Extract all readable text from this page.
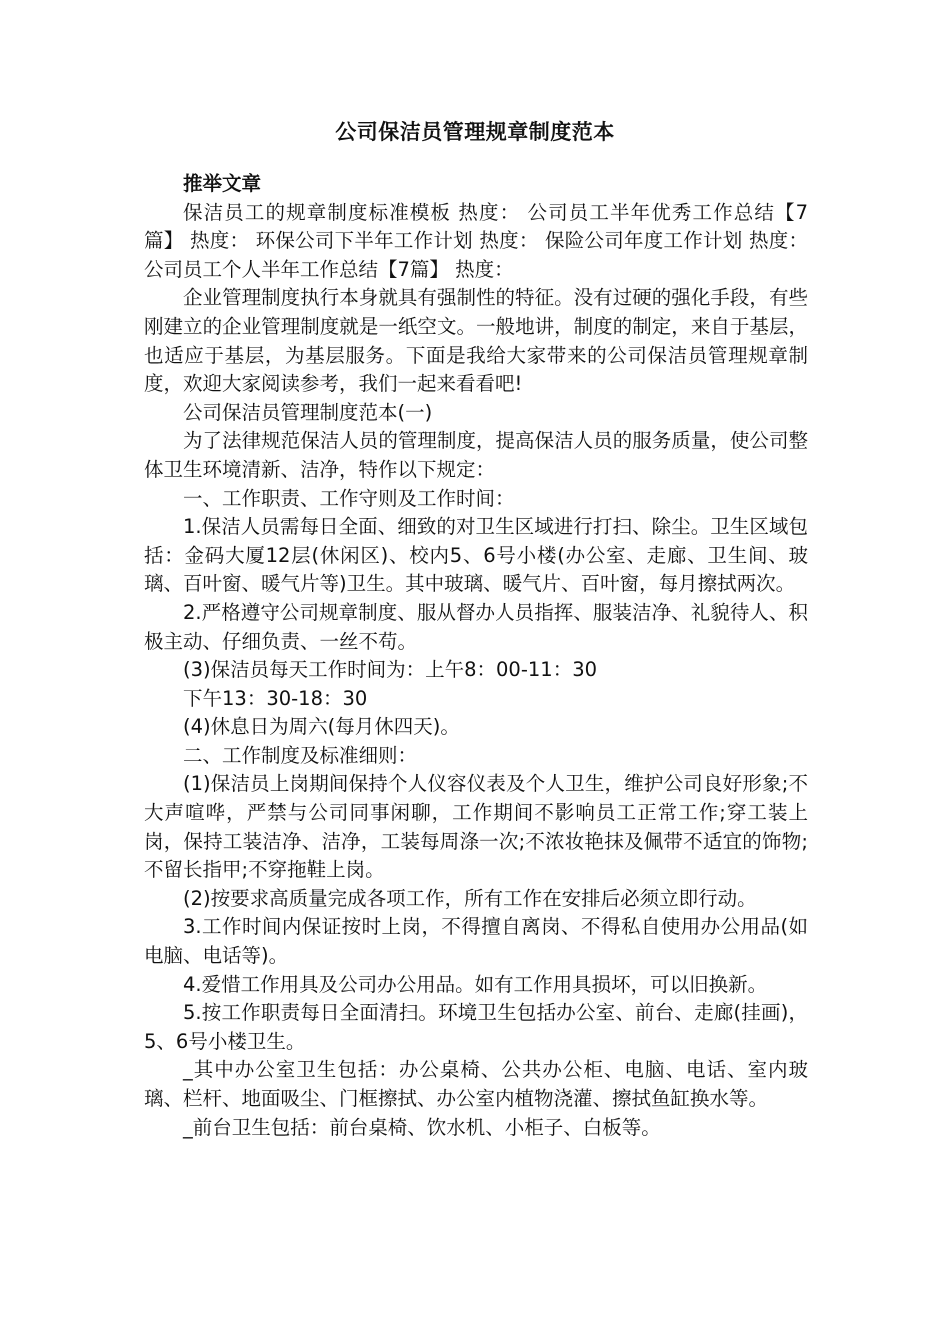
公司保洁员管理规章制度范本

推举文章

保洁员工的规章制度标准模板 热度： 公司员工半年优秀工作总结【7篇】 热度： 环保公司下半年工作计划 热度： 保险公司年度工作计划 热度： 公司员工个人半年工作总结【7篇】 热度：

企业管理制度执行本身就具有强制性的特征。没有过硬的强化手段，有些刚建立的企业管理制度就是一纸空文。一般地讲，制度的制定，来自于基层，也适应于基层，为基层服务。下面是我给大家带来的公司保洁员管理规章制度，欢迎大家阅读参考，我们一起来看看吧!

公司保洁员管理制度范本(一)

为了法律规范保洁人员的管理制度，提高保洁人员的服务质量，使公司整体卫生环境清新、洁净，特作以下规定：

一、工作职责、工作守则及工作时间：

1.保洁人员需每日全面、细致的对卫生区域进行打扫、除尘。卫生区域包括：金码大厦12层(休闲区)、校内5、6号小楼(办公室、走廊、卫生间、玻璃、百叶窗、暖气片等)卫生。其中玻璃、暖气片、百叶窗，每月擦拭两次。

2.严格遵守公司规章制度、服从督办人员指挥、服装洁净、礼貌待人、积极主动、仔细负责、一丝不苟。

(3)保洁员每天工作时间为：上午8：00-11：30

下午13：30-18：30

(4)休息日为周六(每月休四天)。

二、工作制度及标准细则：

(1)保洁员上岗期间保持个人仪容仪表及个人卫生，维护公司良好形象;不大声喧哗，严禁与公司同事闲聊，工作期间不影响员工正常工作;穿工装上岗，保持工装洁净、洁净，工装每周涤一次;不浓妆艳抹及佩带不适宜的饰物;不留长指甲;不穿拖鞋上岗。

(2)按要求高质量完成各项工作，所有工作在安排后必须立即行动。

3.工作时间内保证按时上岗，不得擅自离岗、不得私自使用办公用品(如电脑、电话等)。

4.爱惜工作用具及公司办公用品。如有工作用具损坏，可以旧换新。

5.按工作职责每日全面清扫。环境卫生包括办公室、前台、走廊(挂画)，5、6号小楼卫生。

_其中办公室卫生包括：办公桌椅、公共办公柜、电脑、电话、室内玻璃、栏杆、地面吸尘、门框擦拭、办公室内植物浇灌、擦拭鱼缸换水等。

_前台卫生包括：前台桌椅、饮水机、小柜子、白板等。
